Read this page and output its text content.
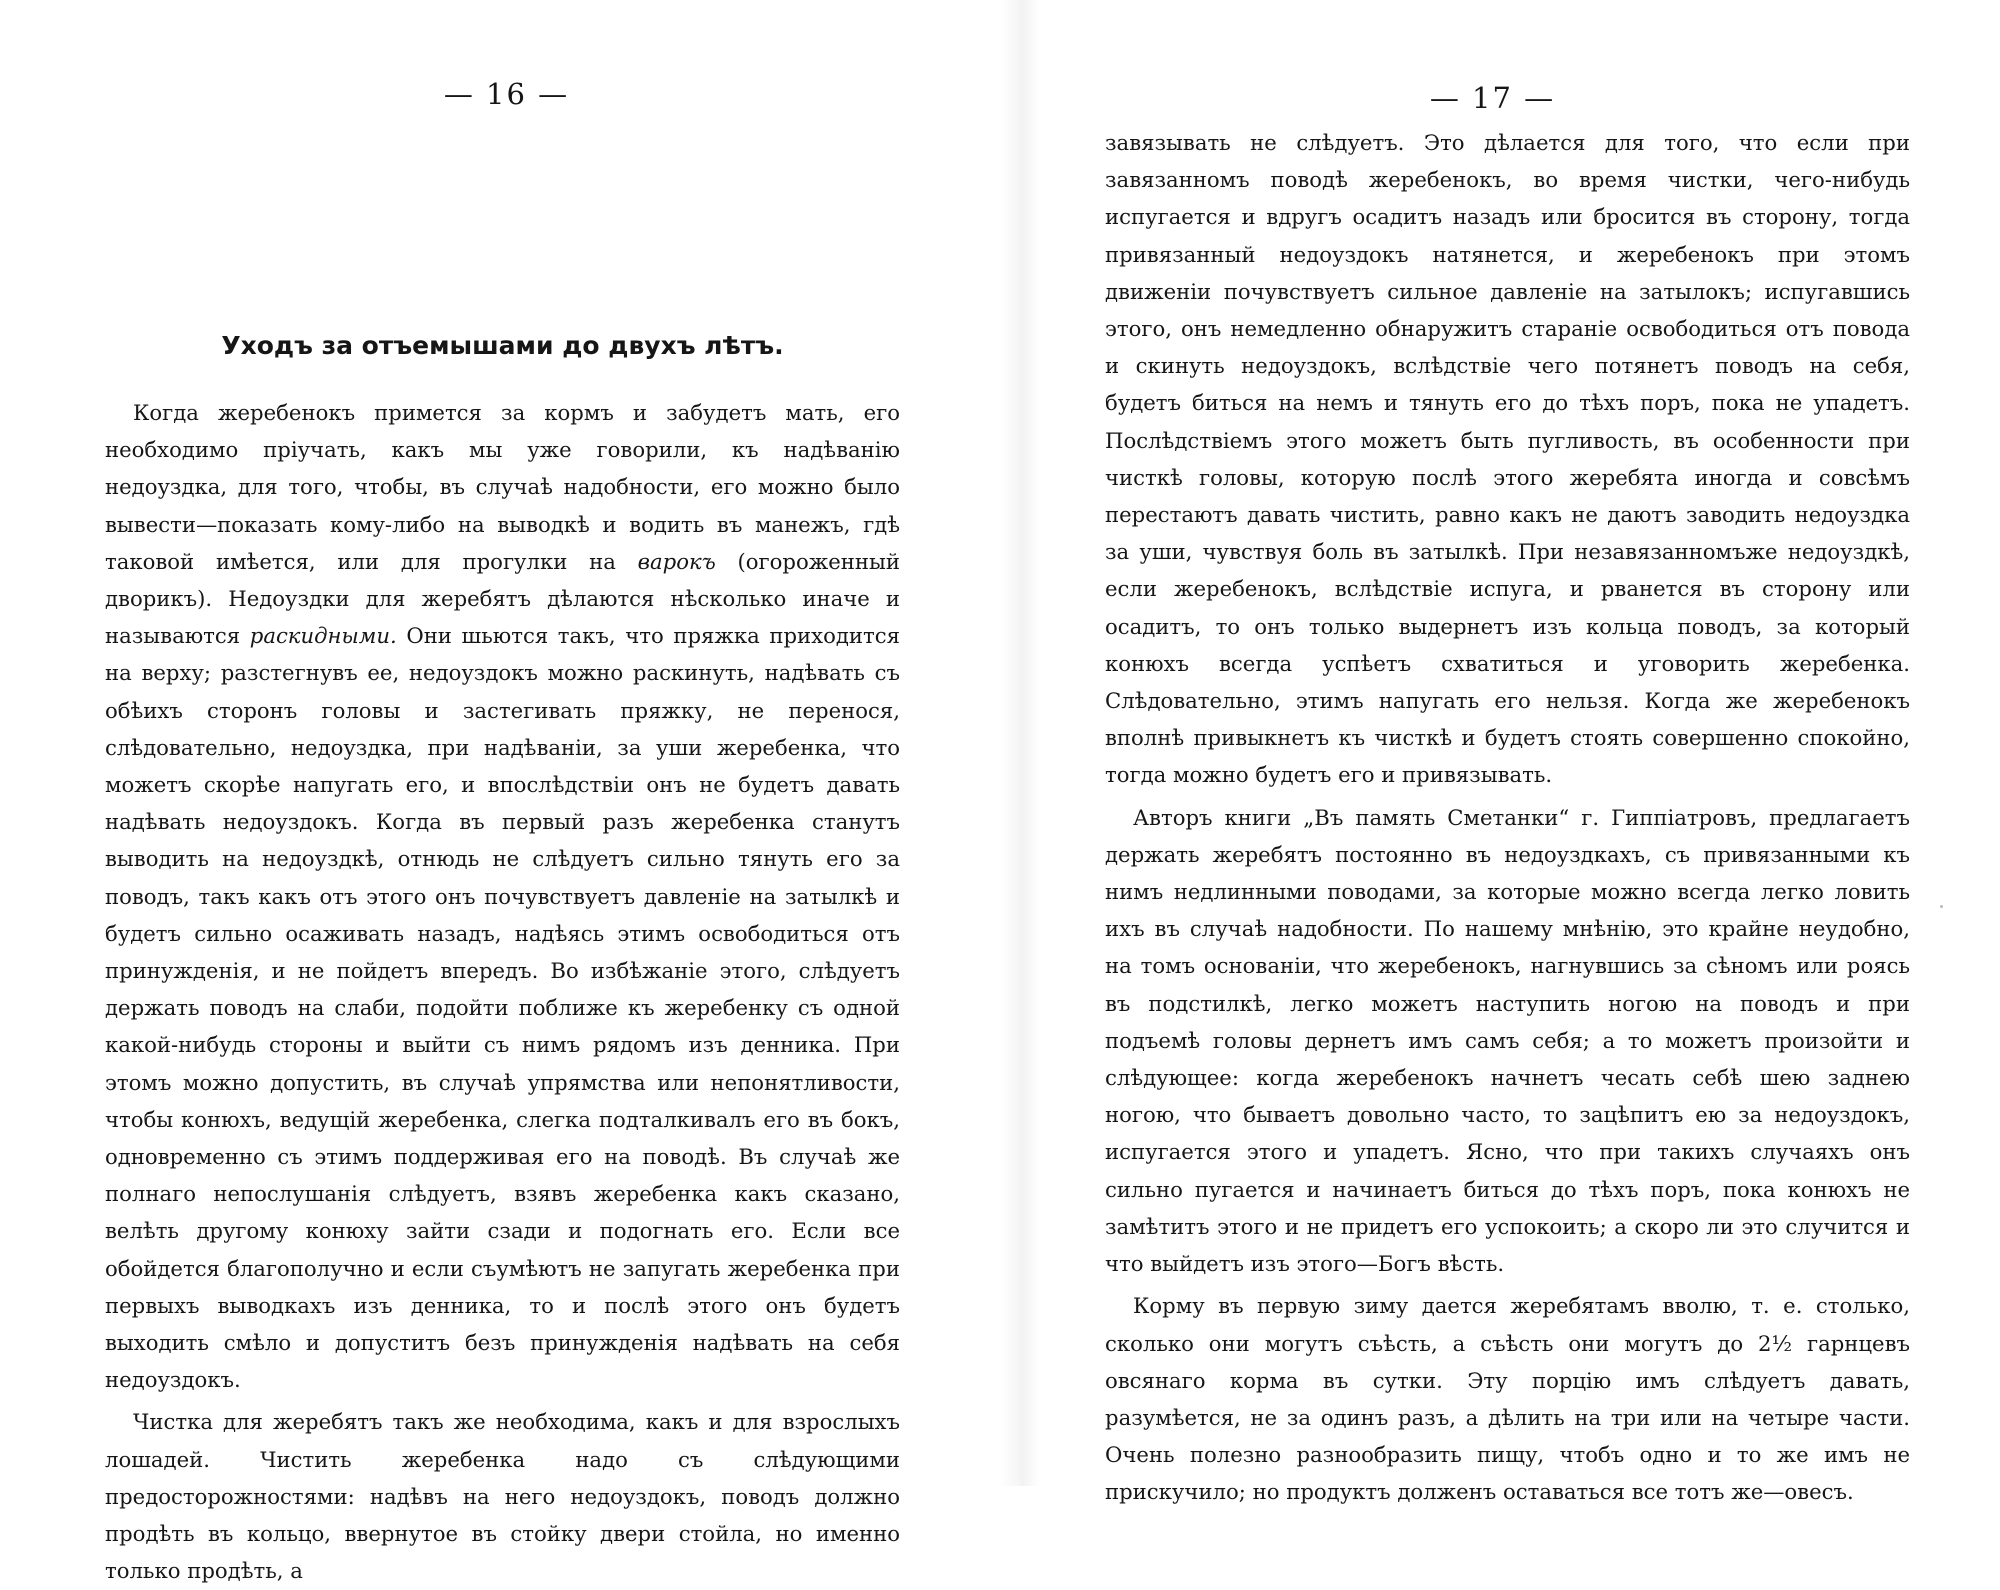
— 16 —
Уходъ за отъемышами до двухъ лѣтъ.

Когда жеребенокъ примется за кормъ и забудетъ мать, его необходимо пріучать, какъ мы уже говорили, къ надѣванію недоуздка, для того, чтобы, въ случаѣ надобности, его можно было вывести—показать кому-либо на выводкѣ и водить въ манежъ, гдѣ таковой имѣется, или для прогулки на варокъ (огороженный дворикъ). Недоуздки для жеребятъ дѣлаются нѣсколько иначе и называются раскидными. Они шьются такъ, что пряжка приходится на верху; разстегнувъ ее, недоуздокъ можно раскинуть, надѣвать съ обѣихъ сторонъ головы и застегивать пряжку, не перенося, слѣдовательно, недоуздка, при надѣваніи, за уши жеребенка, что можетъ скорѣе напугать его, и впослѣдствіи онъ не будетъ давать надѣвать недоуздокъ. Когда въ первый разъ жеребенка станутъ выводить на недоуздкѣ, отнюдь не слѣдуетъ сильно тянуть его за поводъ, такъ какъ отъ этого онъ почувствуетъ давленіе на затылкѣ и будетъ сильно осаживать назадъ, надѣясь этимъ освободиться отъ принужденія, и не пойдетъ впередъ. Во избѣжаніе этого, слѣдуетъ держать поводъ на слаби, подойти поближе къ жеребенку съ одной какой-нибудь стороны и выйти съ нимъ рядомъ изъ денника. При этомъ можно допустить, въ случаѣ упрямства или непонятливости, чтобы конюхъ, ведущій жеребенка, слегка подталкивалъ его въ бокъ, одновременно съ этимъ поддерживая его на поводѣ. Въ случаѣ же полнаго непослушанія слѣдуетъ, взявъ жеребенка какъ сказано, велѣть другому конюху зайти сзади и подогнать его. Если все обойдется благополучно и если съумѣютъ не запугать жеребенка при первыхъ выводкахъ изъ денника, то и послѣ этого онъ будетъ выходить смѣло и допуститъ безъ принужденія надѣвать на себя недоуздокъ.

Чистка для жеребятъ такъ же необходима, какъ и для взрослыхъ лошадей. Чистить жеребенка надо съ слѣдующими предосторожностями: надѣвъ на него недоуздокъ, поводъ должно продѣть въ кольцо, ввернутое въ стойку двери стойла, но именно только продѣть, а

— 17 —

завязывать не слѣдуетъ. Это дѣлается для того, что если при завязанномъ поводѣ жеребенокъ, во время чистки, чего-нибудь испугается и вдругъ осадитъ назадъ или бросится въ сторону, тогда привязанный недоуздокъ натянется, и жеребенокъ при этомъ движеніи почувствуетъ сильное давленіе на затылокъ; испугавшись этого, онъ немедленно обнаружитъ стараніе освободиться отъ повода и скинуть недоуздокъ, вслѣдствіе чего потянетъ поводъ на себя, будетъ биться на немъ и тянуть его до тѣхъ поръ, пока не упадетъ. Послѣдствіемъ этого можетъ быть пугливость, въ особенности при чисткѣ головы, которую послѣ этого жеребята иногда и совсѣмъ перестаютъ давать чистить, равно какъ не даютъ заводить недоуздка за уши, чувствуя боль въ затылкѣ. При незавязанномъже недоуздкѣ, если жеребенокъ, вслѣдствіе испуга, и рванется въ сторону или осадитъ, то онъ только выдернетъ изъ кольца поводъ, за который конюхъ всегда успѣетъ схватиться и уговорить жеребенка. Слѣдовательно, этимъ напугать его нельзя. Когда же жеребенокъ вполнѣ привыкнетъ къ чисткѣ и будетъ стоять совершенно спокойно, тогда можно будетъ его и привязывать.

Авторъ книги „Въ память Сметанки“ г. Гиппіатровъ, предлагаетъ держать жеребятъ постоянно въ недоуздкахъ, съ привязанными къ нимъ недлинными поводами, за которые можно всегда легко ловить ихъ въ случаѣ надобности. По нашему мнѣнію, это крайне неудобно, на томъ основаніи, что жеребенокъ, нагнувшись за сѣномъ или роясь въ подстилкѣ, легко можетъ наступить ногою на поводъ и при подъемѣ головы дернетъ имъ самъ себя; а то можетъ произойти и слѣдующее: когда жеребенокъ начнетъ чесать себѣ шею заднею ногою, что бываетъ довольно часто, то зацѣпитъ ею за недоуздокъ, испугается этого и упадетъ. Ясно, что при такихъ случаяхъ онъ сильно пугается и начинаетъ биться до тѣхъ поръ, пока конюхъ не замѣтитъ этого и не придетъ его успокоить; а скоро ли это случится и что выйдетъ изъ этого—Богъ вѣсть.

Корму въ первую зиму дается жеребятамъ вволю, т. е. столько, сколько они могутъ съѣсть, а съѣсть они могутъ до 2½ гарнцевъ овсянаго корма въ сутки. Эту порцію имъ слѣдуетъ давать, разумѣется, не за одинъ разъ, а дѣлить на три или на четыре части. Очень полезно разнообразить пищу, чтобъ одно и то же имъ не прискучило; но продуктъ долженъ оставаться все тотъ же—овесъ.
